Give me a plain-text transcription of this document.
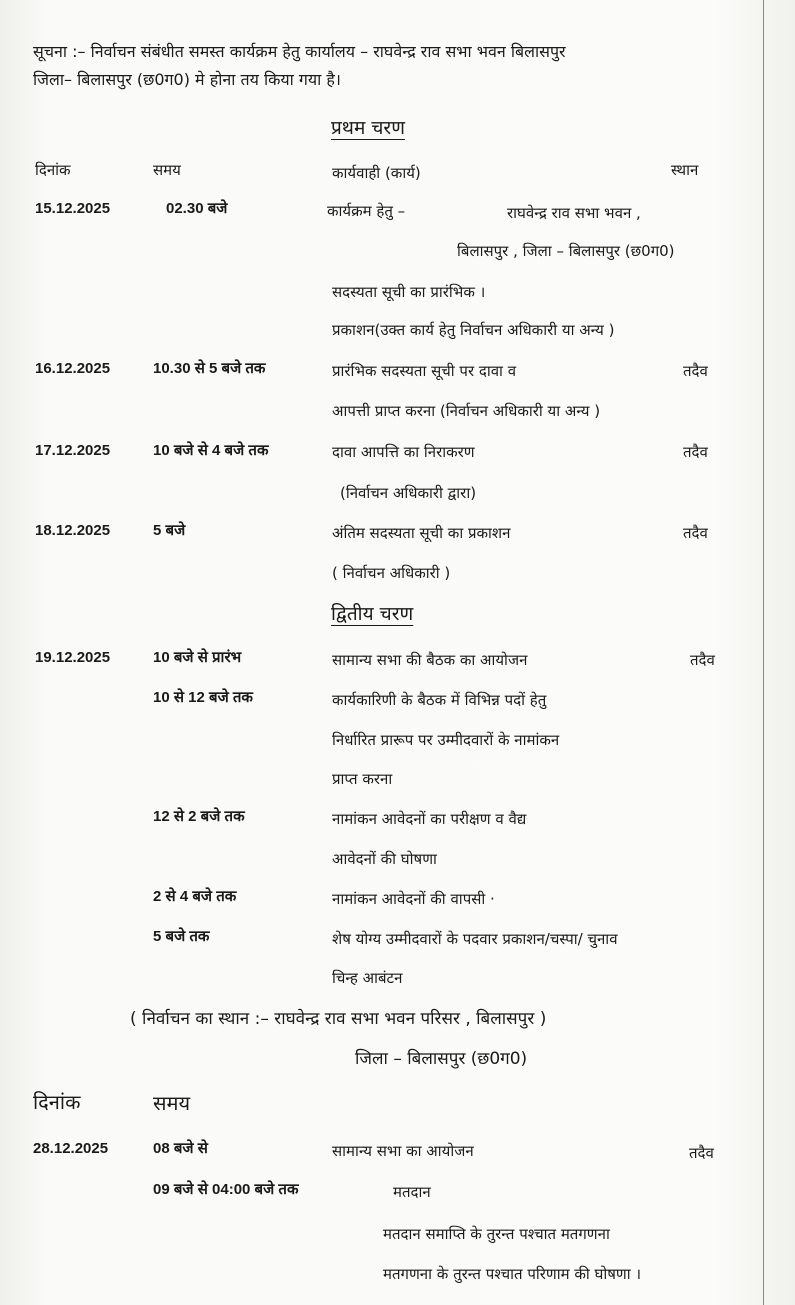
सूचना :– निर्वाचन संबंधीत समस्त कार्यक्रम हेतु कार्यालय – राघवेन्द्र राव सभा भवन बिलासपुर
जिला– बिलासपुर (छ0ग0) मे होना तय किया गया है।
प्रथम चरण
दिनांक	समय	कार्यवाही (कार्य)	स्थान
15.12.2025	02.30 बजे	कार्यक्रम हेतु –	राघवेन्द्र राव सभा भवन ,
बिलासपुर , जिला – बिलासपुर (छ0ग0)
सदस्यता सूची का प्रारंभिक ।
प्रकाशन(उक्त कार्य हेतु निर्वाचन अधिकारी या अन्य )
16.12.2025	10.30 से 5 बजे तक	प्रारंभिक सदस्यता सूची पर दावा व	तदैव
आपत्ती प्राप्त करना (निर्वाचन अधिकारी या अन्य )
17.12.2025	10 बजे से 4 बजे तक	दावा आपत्ति का निराकरण	तदैव
(निर्वाचन अधिकारी द्वारा)
18.12.2025	5 बजे	अंतिम सदस्यता सूची का प्रकाशन	तदैव
( निर्वाचन अधिकारी )
द्वितीय चरण
19.12.2025	10 बजे से प्रारंभ	सामान्य सभा की बैठक का आयोजन	तदैव
10 से 12 बजे तक	कार्यकारिणी के बैठक में विभिन्न पदों हेतु
निर्धारित प्रारूप पर उम्मीदवारों के नामांकन
प्राप्त करना
12 से 2 बजे तक	नामांकन आवेदनों का परीक्षण व वैद्य
आवेदनों की घोषणा
2 से 4 बजे तक	नामांकन आवेदनों की वापसी ·
5 बजे तक	शेष योग्य उम्मीदवारों के पदवार प्रकाशन/चस्पा/ चुनाव
चिन्ह आबंटन
( निर्वाचन का स्थान :– राघवेन्द्र राव सभा भवन परिसर , बिलासपुर )
जिला – बिलासपुर (छ0ग0)
दिनांक	समय
28.12.2025	08 बजे से	सामान्य सभा का आयोजन	तदैव
09 बजे से 04:00 बजे तक	मतदान
मतदान समाप्ति के तुरन्त पश्चात मतगणना
मतगणना के तुरन्त पश्चात परिणाम की घोषणा ।
